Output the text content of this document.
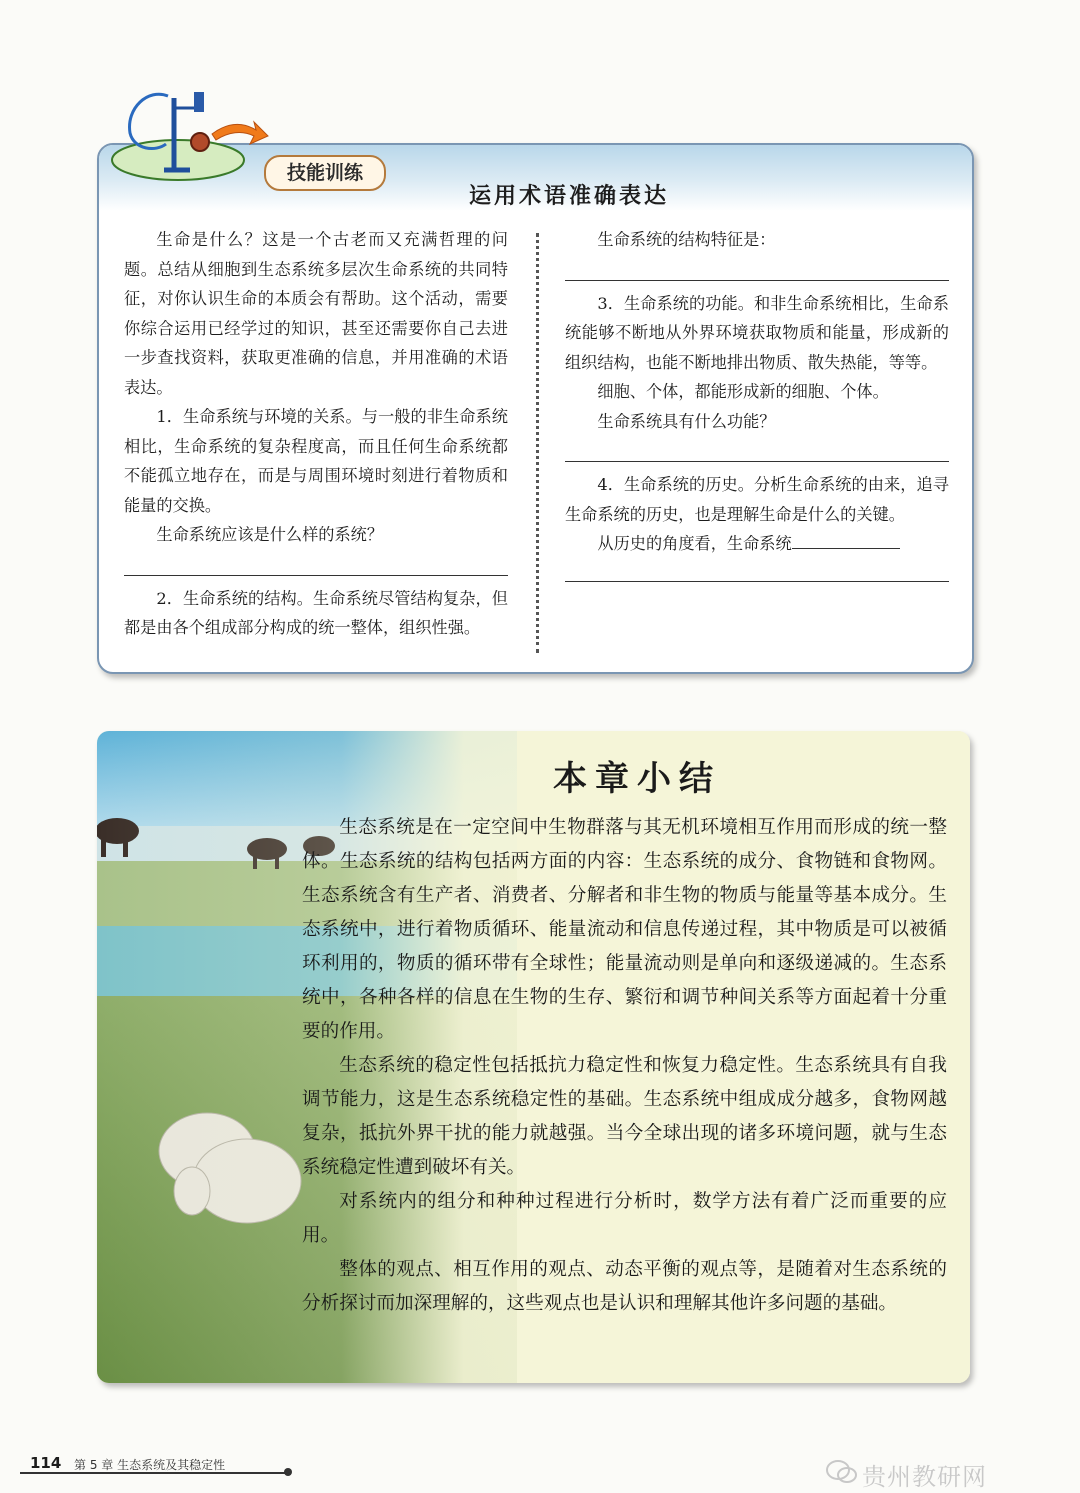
技能训练
运用术语准确表达

生命是什么？这是一个古老而又充满哲理的问题。总结从细胞到生态系统多层次生命系统的共同特征，对你认识生命的本质会有帮助。这个活动，需要你综合运用已经学过的知识，甚至还需要你自己去进一步查找资料，获取更准确的信息，并用准确的术语表达。

1．生命系统与环境的关系。与一般的非生命系统相比，生命系统的复杂程度高，而且任何生命系统都不能孤立地存在，而是与周围环境时刻进行着物质和能量的交换。

生命系统应该是什么样的系统？

2．生命系统的结构。生命系统尽管结构复杂，但都是由各个组成部分构成的统一整体，组织性强。

生命系统的结构特征是：

3．生命系统的功能。和非生命系统相比，生命系统能够不断地从外界环境获取物质和能量，形成新的组织结构，也能不断地排出物质、散失热能，等等。

细胞、个体，都能形成新的细胞、个体。

生命系统具有什么功能？

4．生命系统的历史。分析生命系统的由来，追寻生命系统的历史，也是理解生命是什么的关键。

从历史的角度看，生命系统

本章小结

生态系统是在一定空间中生物群落与其无机环境相互作用而形成的统一整体。生态系统的结构包括两方面的内容：生态系统的成分、食物链和食物网。生态系统含有生产者、消费者、分解者和非生物的物质与能量等基本成分。生态系统中，进行着物质循环、能量流动和信息传递过程，其中物质是可以被循环利用的，物质的循环带有全球性；能量流动则是单向和逐级递减的。生态系统中，各种各样的信息在生物的生存、繁衍和调节种间关系等方面起着十分重要的作用。

生态系统的稳定性包括抵抗力稳定性和恢复力稳定性。生态系统具有自我调节能力，这是生态系统稳定性的基础。生态系统中组成成分越多，食物网越复杂，抵抗外界干扰的能力就越强。当今全球出现的诸多环境问题，就与生态系统稳定性遭到破坏有关。

对系统内的组分和种种过程进行分析时，数学方法有着广泛而重要的应用。

整体的观点、相互作用的观点、动态平衡的观点等，是随着对生态系统的分析探讨而加深理解的，这些观点也是认识和理解其他许多问题的基础。

114 第 5 章 生态系统及其稳定性	贵州教研网
